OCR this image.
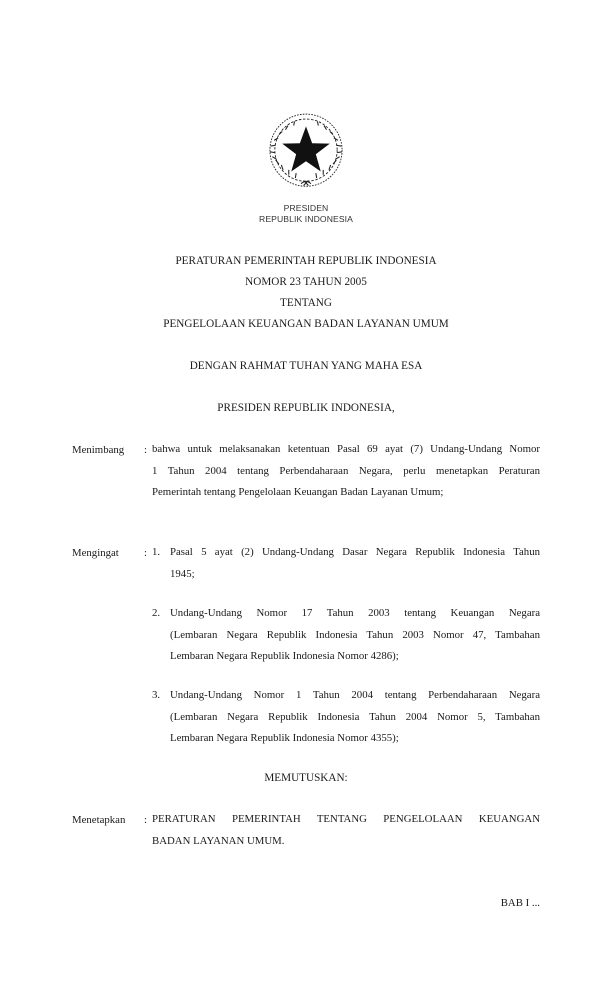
PRESIDEN
REPUBLIK INDONESIA
PERATURAN PEMERINTAH REPUBLIK INDONESIA
NOMOR 23 TAHUN 2005
TENTANG
PENGELOLAAN KEUANGAN BADAN LAYANAN UMUM
DENGAN RAHMAT TUHAN YANG MAHA ESA
PRESIDEN REPUBLIK INDONESIA,
Menimbang : bahwa untuk melaksanakan ketentuan Pasal 69 ayat (7) Undang-Undang Nomor
1 Tahun 2004 tentang Perbendaharaan Negara, perlu menetapkan Peraturan
Pemerintah tentang Pengelolaan Keuangan Badan Layanan Umum;
Mengingat : 1. Pasal 5 ayat (2) Undang-Undang Dasar Negara Republik Indonesia Tahun
1945;
2. Undang-Undang Nomor 17 Tahun 2003 tentang Keuangan Negara
(Lembaran Negara Republik Indonesia Tahun 2003 Nomor 47, Tambahan
Lembaran Negara Republik Indonesia Nomor 4286);
3. Undang-Undang Nomor 1 Tahun 2004 tentang Perbendaharaan Negara
(Lembaran Negara Republik Indonesia Tahun 2004 Nomor 5, Tambahan
Lembaran Negara Republik Indonesia Nomor 4355);
MEMUTUSKAN:
Menetapkan : PERATURAN PEMERINTAH TENTANG PENGELOLAAN KEUANGAN
BADAN LAYANAN UMUM.
BAB I ...
